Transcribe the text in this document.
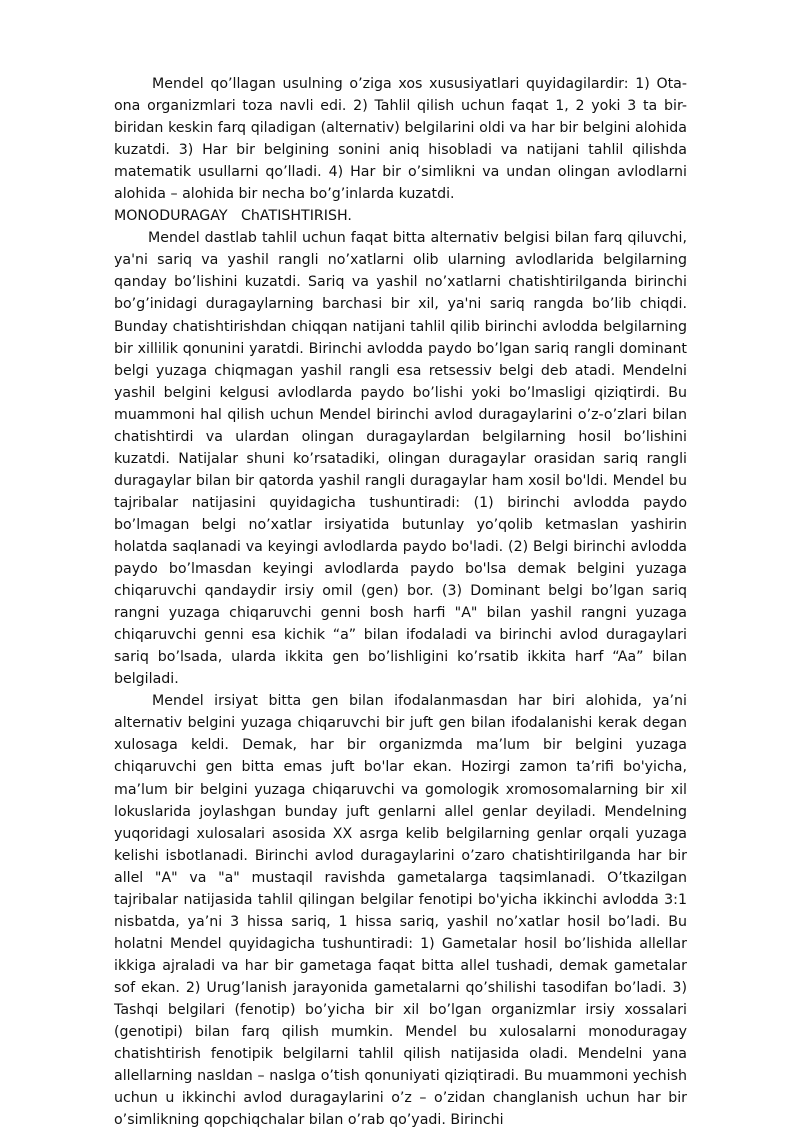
Mendel qo’llagan usulning o’ziga xos xususiyatlari quyidagilardir: 1) Ota- ona organizmlari toza navli edi. 2) Tahlil qilish uchun faqat 1, 2 yoki 3 ta bir- biridan keskin farq qiladigan (alternativ) belgilarini oldi va har bir belgini alohida kuzatdi. 3) Har bir belgining sonini aniq hisobladi va natijani tahlil qilishda matematik usullarni qo’lladi. 4) Har bir o’simlikni va undan olingan avlodlarni alohida – alohida bir necha bo’g’inlarda kuzatdi.

MONODURAGAY   ChATISHTIRISH.

Mendel dastlab tahlil uchun faqat bitta alternativ belgisi bilan farq qiluvchi, ya'ni sariq va yashil rangli no’xatlarni olib ularning avlodlarida belgilarning qanday bo’lishini kuzatdi. Sariq va yashil no’xatlarni chatishtirilganda birinchi bo’g’inidagi duragaylarning barchasi bir xil, ya'ni sariq rangda bo’lib chiqdi. Bunday chatishtirishdan chiqqan natijani tahlil qilib birinchi avlodda belgilarning bir xillilik qonunini yaratdi. Birinchi avlodda paydo bo’lgan sariq rangli dominant belgi yuzaga chiqmagan yashil rangli esa retsessiv belgi deb atadi. Mendelni yashil belgini kelgusi avlodlarda paydo bo’lishi yoki bo’lmasligi qiziqtirdi. Bu muammoni hal qilish uchun Mendel birinchi avlod duragaylarini o’z-o’zlari bilan chatishtirdi va ulardan olingan duragaylardan belgilarning hosil bo’lishini kuzatdi. Natijalar shuni ko’rsatadiki, olingan duragaylar orasidan sariq rangli duragaylar bilan bir qatorda yashil rangli duragaylar ham xosil bo'ldi. Mendel bu tajribalar natijasini quyidagicha tushuntiradi: (1) birinchi avlodda paydo bo’lmagan belgi no’xatlar irsiyatida butunlay yo’qolib ketmaslan yashirin holatda saqlanadi va keyingi avlodlarda paydo bo'ladi. (2) Belgi birinchi avlodda paydo bo’lmasdan keyingi avlodlarda paydo bo'lsa demak belgini yuzaga chiqaruvchi qandaydir irsiy omil (gen) bor. (3) Dominant belgi bo’lgan sariq rangni yuzaga chiqaruvchi genni bosh harfi "A" bilan yashil rangni yuzaga chiqaruvchi genni esa kichik “a” bilan ifodaladi va birinchi avlod duragaylari sariq bo’lsada, ularda ikkita gen bo’lishligini ko’rsatib ikkita harf “Aa” bilan belgiladi.

Mendel irsiyat bitta gen bilan ifodalanmasdan har biri alohida, ya’ni alternativ belgini yuzaga chiqaruvchi bir juft gen bilan ifodalanishi kerak degan xulosaga keldi. Demak, har bir organizmda ma’lum bir belgini yuzaga chiqaruvchi gen bitta emas juft bo'lar ekan. Hozirgi zamon ta’rifi bo'yicha, ma’lum bir belgini yuzaga chiqaruvchi va gomologik xromosomalarning bir xil lokuslarida joylashgan bunday juft genlarni allel genlar deyiladi. Mendelning yuqoridagi xulosalari asosida XX asrga kelib belgilarning genlar orqali yuzaga kelishi isbotlanadi. Birinchi avlod duragaylarini o’zaro chatishtirilganda har bir allel "A" va "a" mustaqil ravishda gametalarga taqsimlanadi. O’tkazilgan tajribalar natijasida tahlil qilingan belgilar fenotipi bo'yicha ikkinchi avlodda 3:1 nisbatda, ya’ni 3 hissa sariq, 1 hissa sariq, yashil no’xatlar hosil bo’ladi. Bu holatni Mendel quyidagicha tushuntiradi: 1) Gametalar hosil bo’lishida allellar ikkiga ajraladi va har bir gametaga faqat bitta allel tushadi, demak gametalar sof ekan. 2) Urug’lanish jarayonida gametalarni qo’shilishi tasodifan bo’ladi. 3) Tashqi belgilari (fenotip) bo’yicha bir xil bo’lgan organizmlar irsiy xossalari (genotipi) bilan farq qilish mumkin. Mendel bu xulosalarni monoduragay chatishtirish fenotipik belgilarni tahlil qilish natijasida oladi. Mendelni yana allellarning nasldan – naslga o’tish qonuniyati qiziqtiradi. Bu muammoni yechish uchun u ikkinchi avlod duragaylarini o’z – o’zidan changlanish uchun har bir o’simlikning qopchiqchalar bilan o’rab qo’yadi. Birinchi
